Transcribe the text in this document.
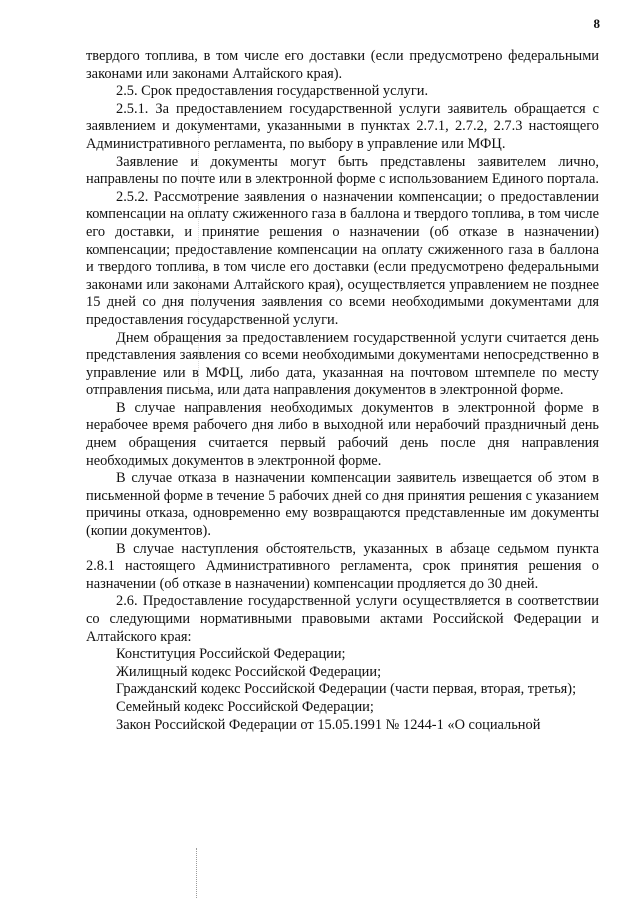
8

твердого топлива, в том числе его доставки (если предусмотрено федеральными законами или законами Алтайского края).

2.5. Срок предоставления государственной услуги.

2.5.1. За предоставлением государственной услуги заявитель обращается с заявлением и документами, указанными в пунктах 2.7.1, 2.7.2, 2.7.3 настоящего Административного регламента, по выбору в управление или МФЦ.

Заявление и документы могут быть представлены заявителем лично, направлены по почте или в электронной форме с использованием Единого портала.

2.5.2. Рассмотрение заявления о назначении компенсации; о предоставлении компенсации на оплату сжиженного газа в баллона и твердого топлива, в том числе его доставки, и принятие решения о назначении (об отказе в назначении) компенсации; предоставление компенсации на оплату сжиженного газа в баллона и твердого топлива, в том числе его доставки (если предусмотрено федеральными законами или законами Алтайского края), осуществляется управлением не позднее 15 дней со дня получения заявления со всеми необходимыми документами для предоставления государственной услуги.

Днем обращения за предоставлением государственной услуги считается день представления заявления со всеми необходимыми документами непосредственно в управление или в МФЦ, либо дата, указанная на почтовом штемпеле по месту отправления письма, или дата направления документов в электронной форме.

В случае направления необходимых документов в электронной форме в нерабочее время рабочего дня либо в выходной или нерабочий праздничный день днем обращения считается первый рабочий день после дня направления необходимых документов в электронной форме.

В случае отказа в назначении компенсации заявитель извещается об этом в письменной форме в течение 5 рабочих дней со дня принятия решения с указанием причины отказа, одновременно ему возвращаются представленные им документы (копии документов).

В случае наступления обстоятельств, указанных в абзаце седьмом пункта 2.8.1 настоящего Административного регламента, срок принятия решения о назначении (об отказе в назначении) компенсации продляется до 30 дней.

2.6. Предоставление государственной услуги осуществляется в соответствии со следующими нормативными правовыми актами Российской Федерации и Алтайского края:

Конституция Российской Федерации;

Жилищный кодекс Российской Федерации;

Гражданский кодекс Российской Федерации (части первая, вторая, третья);

Семейный кодекс Российской Федерации;

Закон Российской Федерации от 15.05.1991 № 1244-1 «О социальной
